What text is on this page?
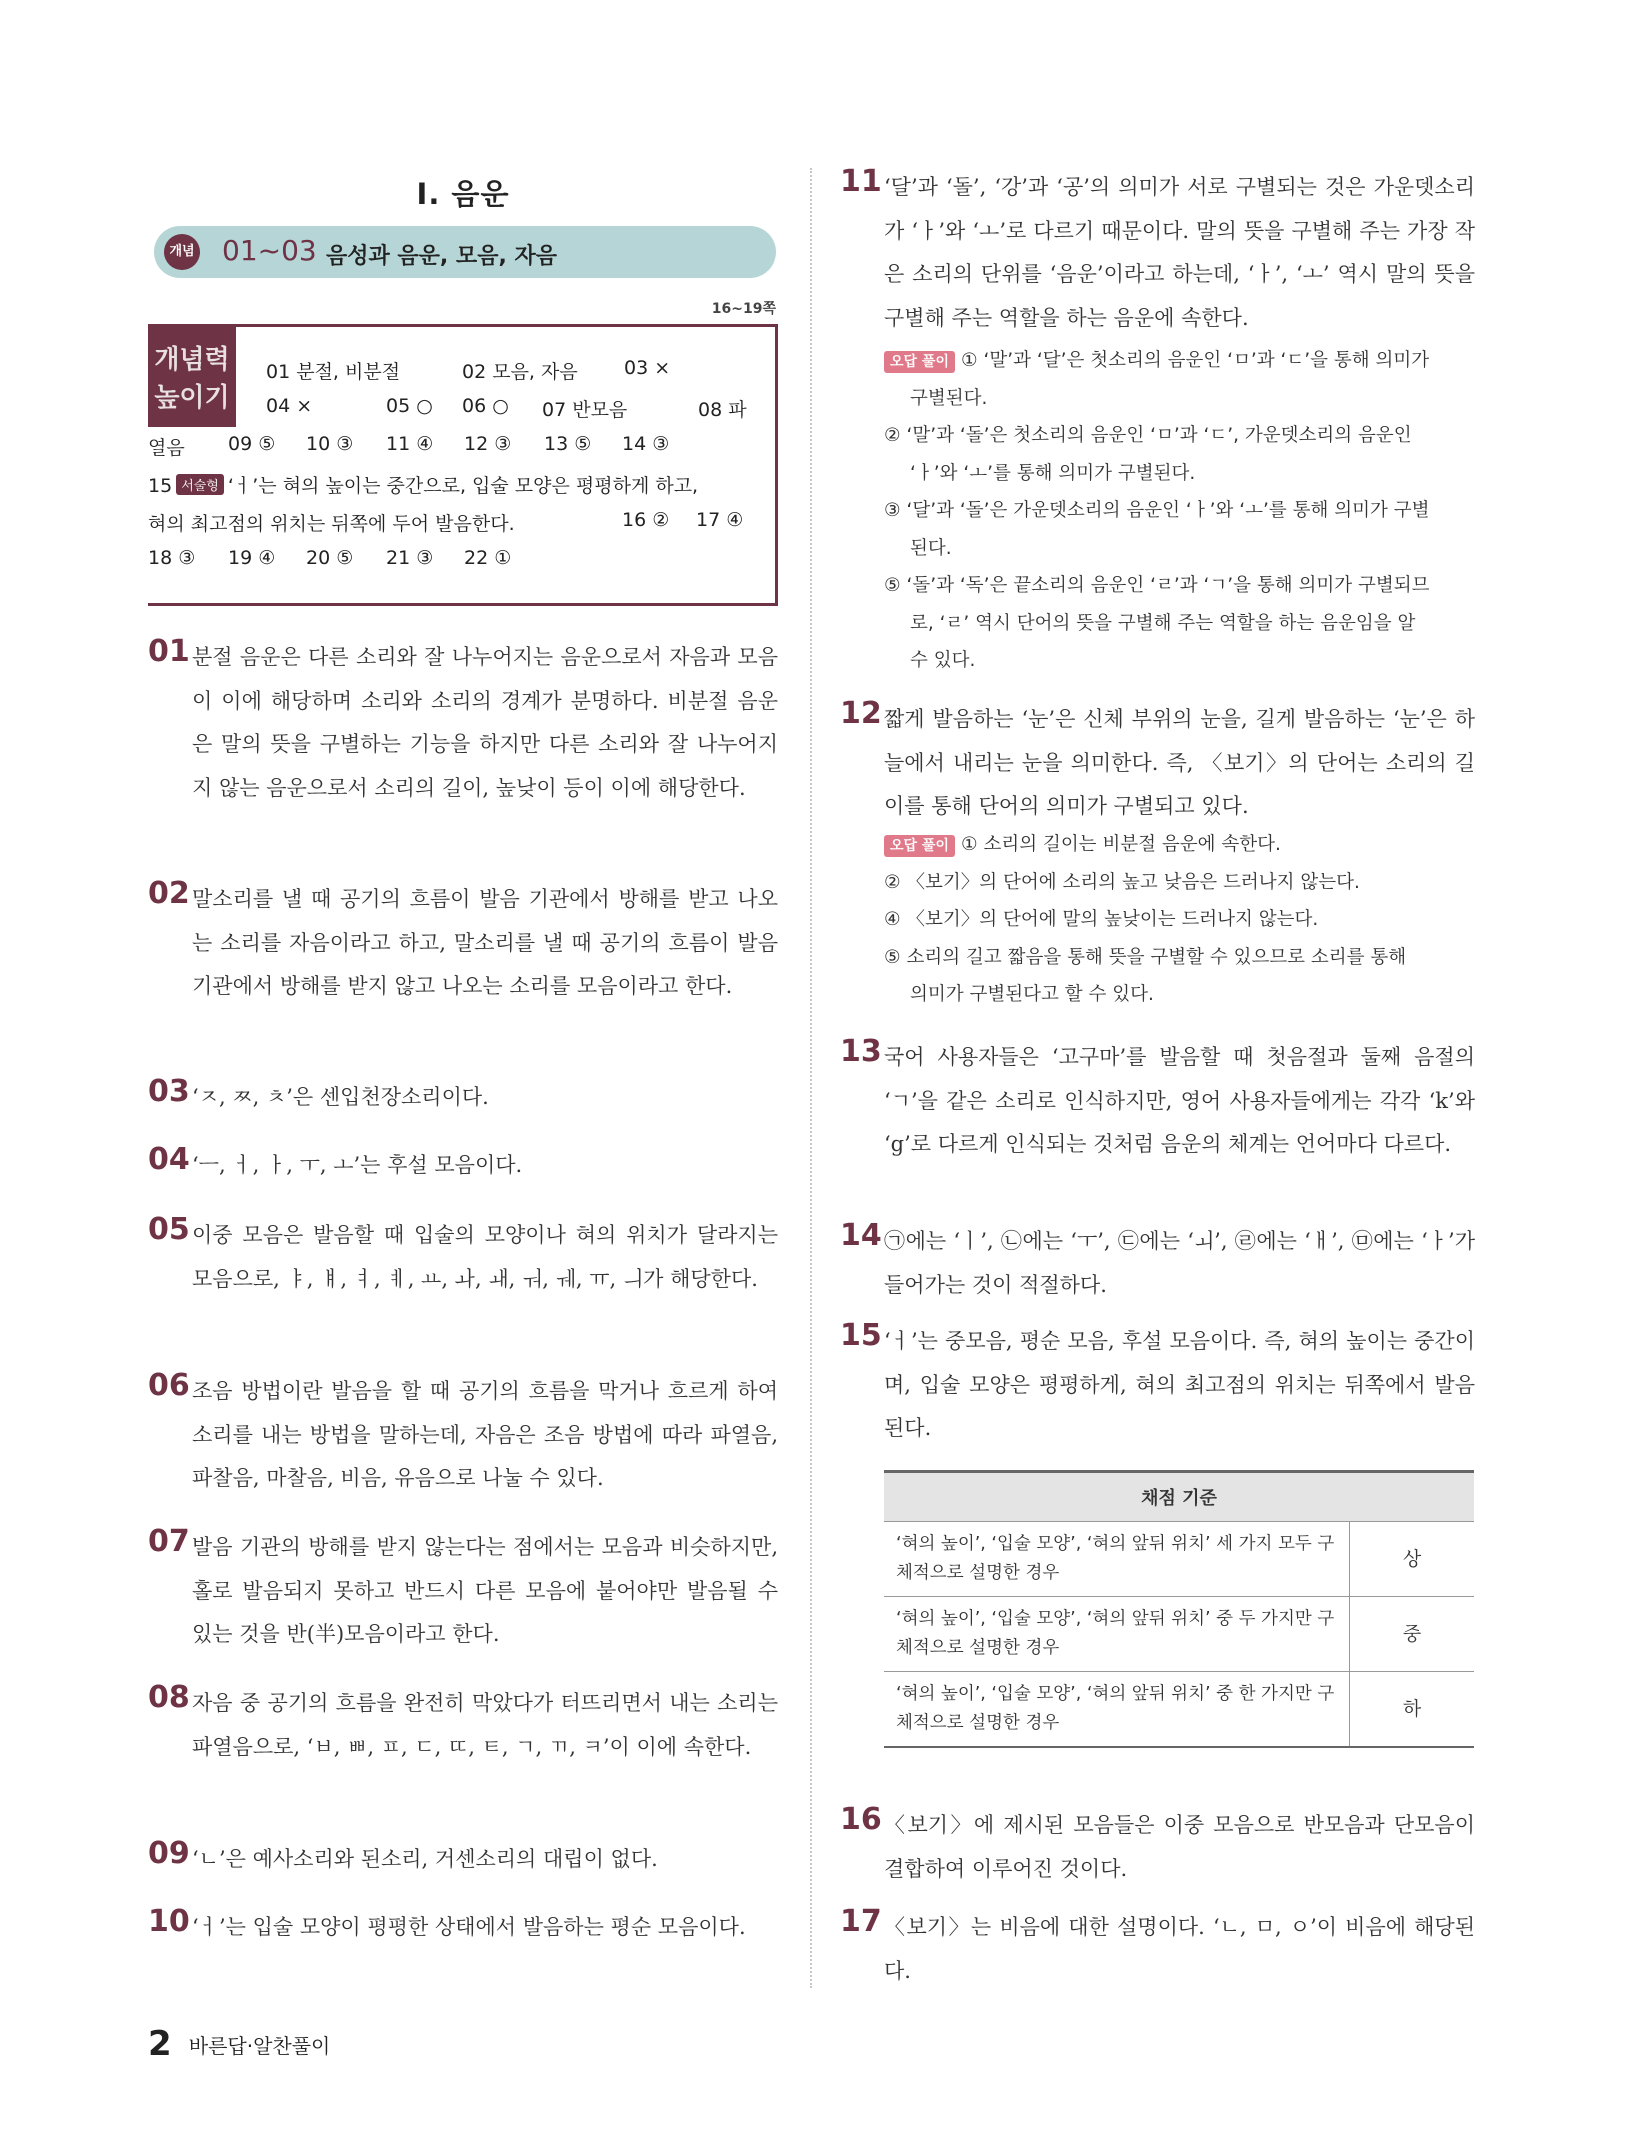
Ⅰ. 음운
개념 01~03 음성과 음운, 모음, 자음
16~19쪽
개념력
높이기
01 분절, 비분절	02 모음, 자음 03 ×
04 ×	05 ○ 06 ○ 07 반모음	08 파
열음 09 ⑤ 10 ③ 11 ④ 12 ③ 13 ⑤ 14 ③
15 서술형 ‘ㅓ’는 혀의 높이는 중간으로, 입술 모양은 평평하게 하고,
혀의 최고점의 위치는 뒤쪽에 두어 발음한다.	16 ② 17 ④
18 ③ 19 ④ 20 ⑤ 21 ③ 22 ①
01 분절 음운은 다른 소리와 잘 나누어지는 음운으로서 자음과 모음이 이에 해당하며 소리와 소리의 경계가 분명하다. 비분절 음운은 말의 뜻을 구별하는 기능을 하지만 다른 소리와 잘 나누어지지 않는 음운으로서 소리의 길이, 높낮이 등이 이에 해당한다.
02 말소리를 낼 때 공기의 흐름이 발음 기관에서 방해를 받고 나오는 소리를 자음이라고 하고, 말소리를 낼 때 공기의 흐름이 발음 기관에서 방해를 받지 않고 나오는 소리를 모음이라고 한다.
03 ‘ㅈ, ㅉ, ㅊ’은 센입천장소리이다.
04 ‘ㅡ, ㅓ, ㅏ, ㅜ, ㅗ’는 후설 모음이다.
05 이중 모음은 발음할 때 입술의 모양이나 혀의 위치가 달라지는 모음으로, ㅑ, ㅒ, ㅕ, ㅖ, ㅛ, ㅘ, ㅙ, ㅝ, ㅞ, ㅠ, ㅢ가 해당한다.
06 조음 방법이란 발음을 할 때 공기의 흐름을 막거나 흐르게 하여 소리를 내는 방법을 말하는데, 자음은 조음 방법에 따라 파열음, 파찰음, 마찰음, 비음, 유음으로 나눌 수 있다.
07 발음 기관의 방해를 받지 않는다는 점에서는 모음과 비슷하지만, 홀로 발음되지 못하고 반드시 다른 모음에 붙어야만 발음될 수 있는 것을 반(半)모음이라고 한다.
08 자음 중 공기의 흐름을 완전히 막았다가 터뜨리면서 내는 소리는 파열음으로, ‘ㅂ, ㅃ, ㅍ, ㄷ, ㄸ, ㅌ, ㄱ, ㄲ, ㅋ’이 이에 속한다.
09 ‘ㄴ’은 예사소리와 된소리, 거센소리의 대립이 없다.
10 ‘ㅓ’는 입술 모양이 평평한 상태에서 발음하는 평순 모음이다.
11 ‘달’과 ‘돌’, ‘강’과 ‘공’의 의미가 서로 구별되는 것은 가운뎃소리가 ‘ㅏ’와 ‘ㅗ’로 다르기 때문이다. 말의 뜻을 구별해 주는 가장 작은 소리의 단위를 ‘음운’이라고 하는데, ‘ㅏ’, ‘ㅗ’ 역시 말의 뜻을 구별해 주는 역할을 하는 음운에 속한다.
오답 풀이 ① ‘말’과 ‘달’은 첫소리의 음운인 ‘ㅁ’과 ‘ㄷ’을 통해 의미가
구별된다.
② ‘말’과 ‘돌’은 첫소리의 음운인 ‘ㅁ’과 ‘ㄷ’, 가운뎃소리의 음운인
‘ㅏ’와 ‘ㅗ’를 통해 의미가 구별된다.
③ ‘달’과 ‘돌’은 가운뎃소리의 음운인 ‘ㅏ’와 ‘ㅗ’를 통해 의미가 구별
된다.
⑤ ‘돌’과 ‘독’은 끝소리의 음운인 ‘ㄹ’과 ‘ㄱ’을 통해 의미가 구별되므
로, ‘ㄹ’ 역시 단어의 뜻을 구별해 주는 역할을 하는 음운임을 알
수 있다.
12 짧게 발음하는 ‘눈’은 신체 부위의 눈을, 길게 발음하는 ‘눈’은 하늘에서 내리는 눈을 의미한다. 즉, 〈보기〉의 단어는 소리의 길이를 통해 단어의 의미가 구별되고 있다.
오답 풀이 ① 소리의 길이는 비분절 음운에 속한다.
② 〈보기〉의 단어에 소리의 높고 낮음은 드러나지 않는다.
④ 〈보기〉의 단어에 말의 높낮이는 드러나지 않는다.
⑤ 소리의 길고 짧음을 통해 뜻을 구별할 수 있으므로 소리를 통해
의미가 구별된다고 할 수 있다.
13 국어 사용자들은 ‘고구마’를 발음할 때 첫음절과 둘째 음절의 ‘ㄱ’을 같은 소리로 인식하지만, 영어 사용자들에게는 각각 ‘k’와 ‘g’로 다르게 인식되는 것처럼 음운의 체계는 언어마다 다르다.
14 ㉠에는 ‘ㅣ’, ㉡에는 ‘ㅜ’, ㉢에는 ‘ㅚ’, ㉣에는 ‘ㅐ’, ㉤에는 ‘ㅏ’가 들어가는 것이 적절하다.
15 ‘ㅓ’는 중모음, 평순 모음, 후설 모음이다. 즉, 혀의 높이는 중간이며, 입술 모양은 평평하게, 혀의 최고점의 위치는 뒤쪽에서 발음된다.
채점 기준	
‘혀의 높이’, ‘입술 모양’, ‘혀의 앞뒤 위치’ 세 가지 모두 구체적으로 설명한 경우	상
‘혀의 높이’, ‘입술 모양’, ‘혀의 앞뒤 위치’ 중 두 가지만 구체적으로 설명한 경우	중
‘혀의 높이’, ‘입술 모양’, ‘혀의 앞뒤 위치’ 중 한 가지만 구체적으로 설명한 경우	하
16 〈보기〉에 제시된 모음들은 이중 모음으로 반모음과 단모음이 결합하여 이루어진 것이다.
17 〈보기〉는 비음에 대한 설명이다. ‘ㄴ, ㅁ, ㅇ’이 비음에 해당된다.
2 바른답·알찬풀이
